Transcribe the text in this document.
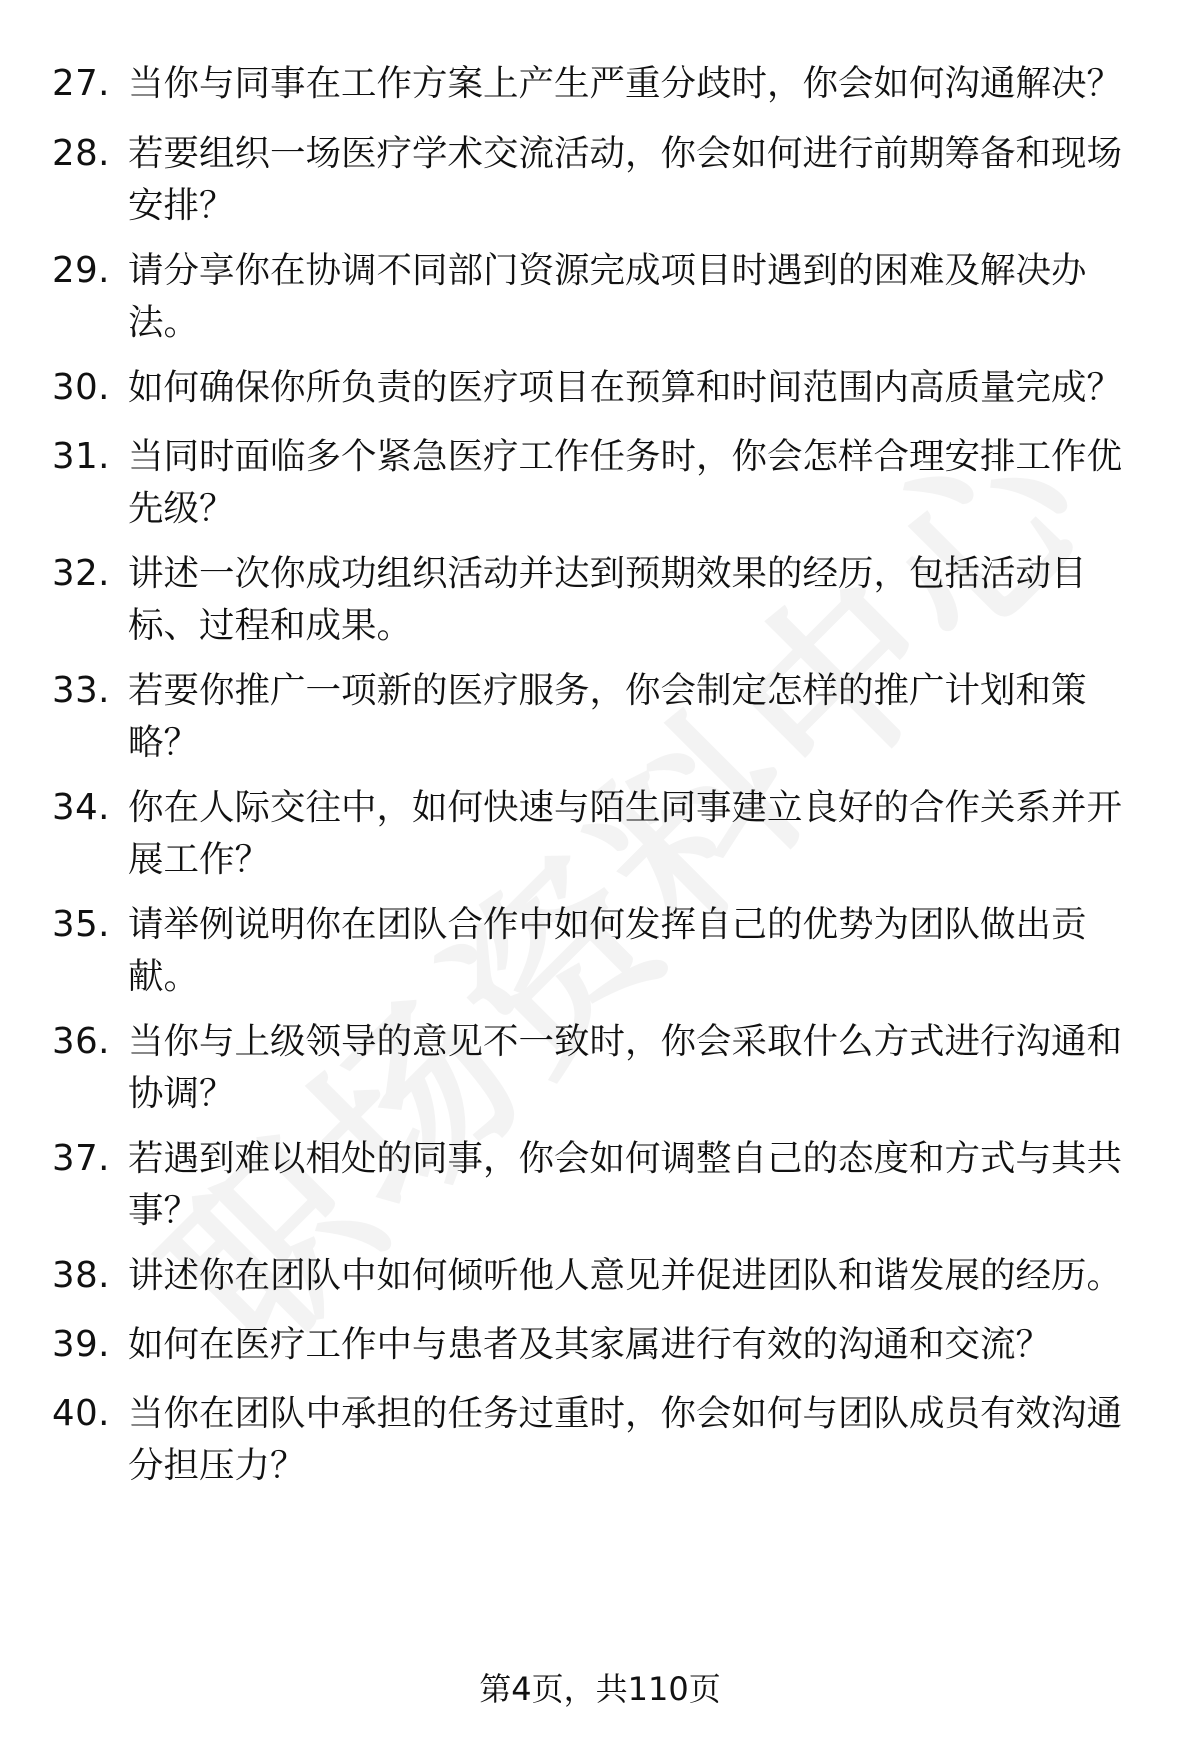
27. 当你与同事在工作方案上产生严重分歧时，你会如何沟通解决？
28. 若要组织一场医疗学术交流活动，你会如何进行前期筹备和现场安排？
29. 请分享你在协调不同部门资源完成项目时遇到的困难及解决办法。
30. 如何确保你所负责的医疗项目在预算和时间范围内高质量完成？
31. 当同时面临多个紧急医疗工作任务时，你会怎样合理安排工作优先级？
32. 讲述一次你成功组织活动并达到预期效果的经历，包括活动目标、过程和成果。
33. 若要你推广一项新的医疗服务，你会制定怎样的推广计划和策略？
34. 你在人际交往中，如何快速与陌生同事建立良好的合作关系并开展工作？
35. 请举例说明你在团队合作中如何发挥自己的优势为团队做出贡献。
36. 当你与上级领导的意见不一致时，你会采取什么方式进行沟通和协调？
37. 若遇到难以相处的同事，你会如何调整自己的态度和方式与其共事？
38. 讲述你在团队中如何倾听他人意见并促进团队和谐发展的经历。
39. 如何在医疗工作中与患者及其家属进行有效的沟通和交流？
40. 当你在团队中承担的任务过重时，你会如何与团队成员有效沟通分担压力？
第4页，共110页
